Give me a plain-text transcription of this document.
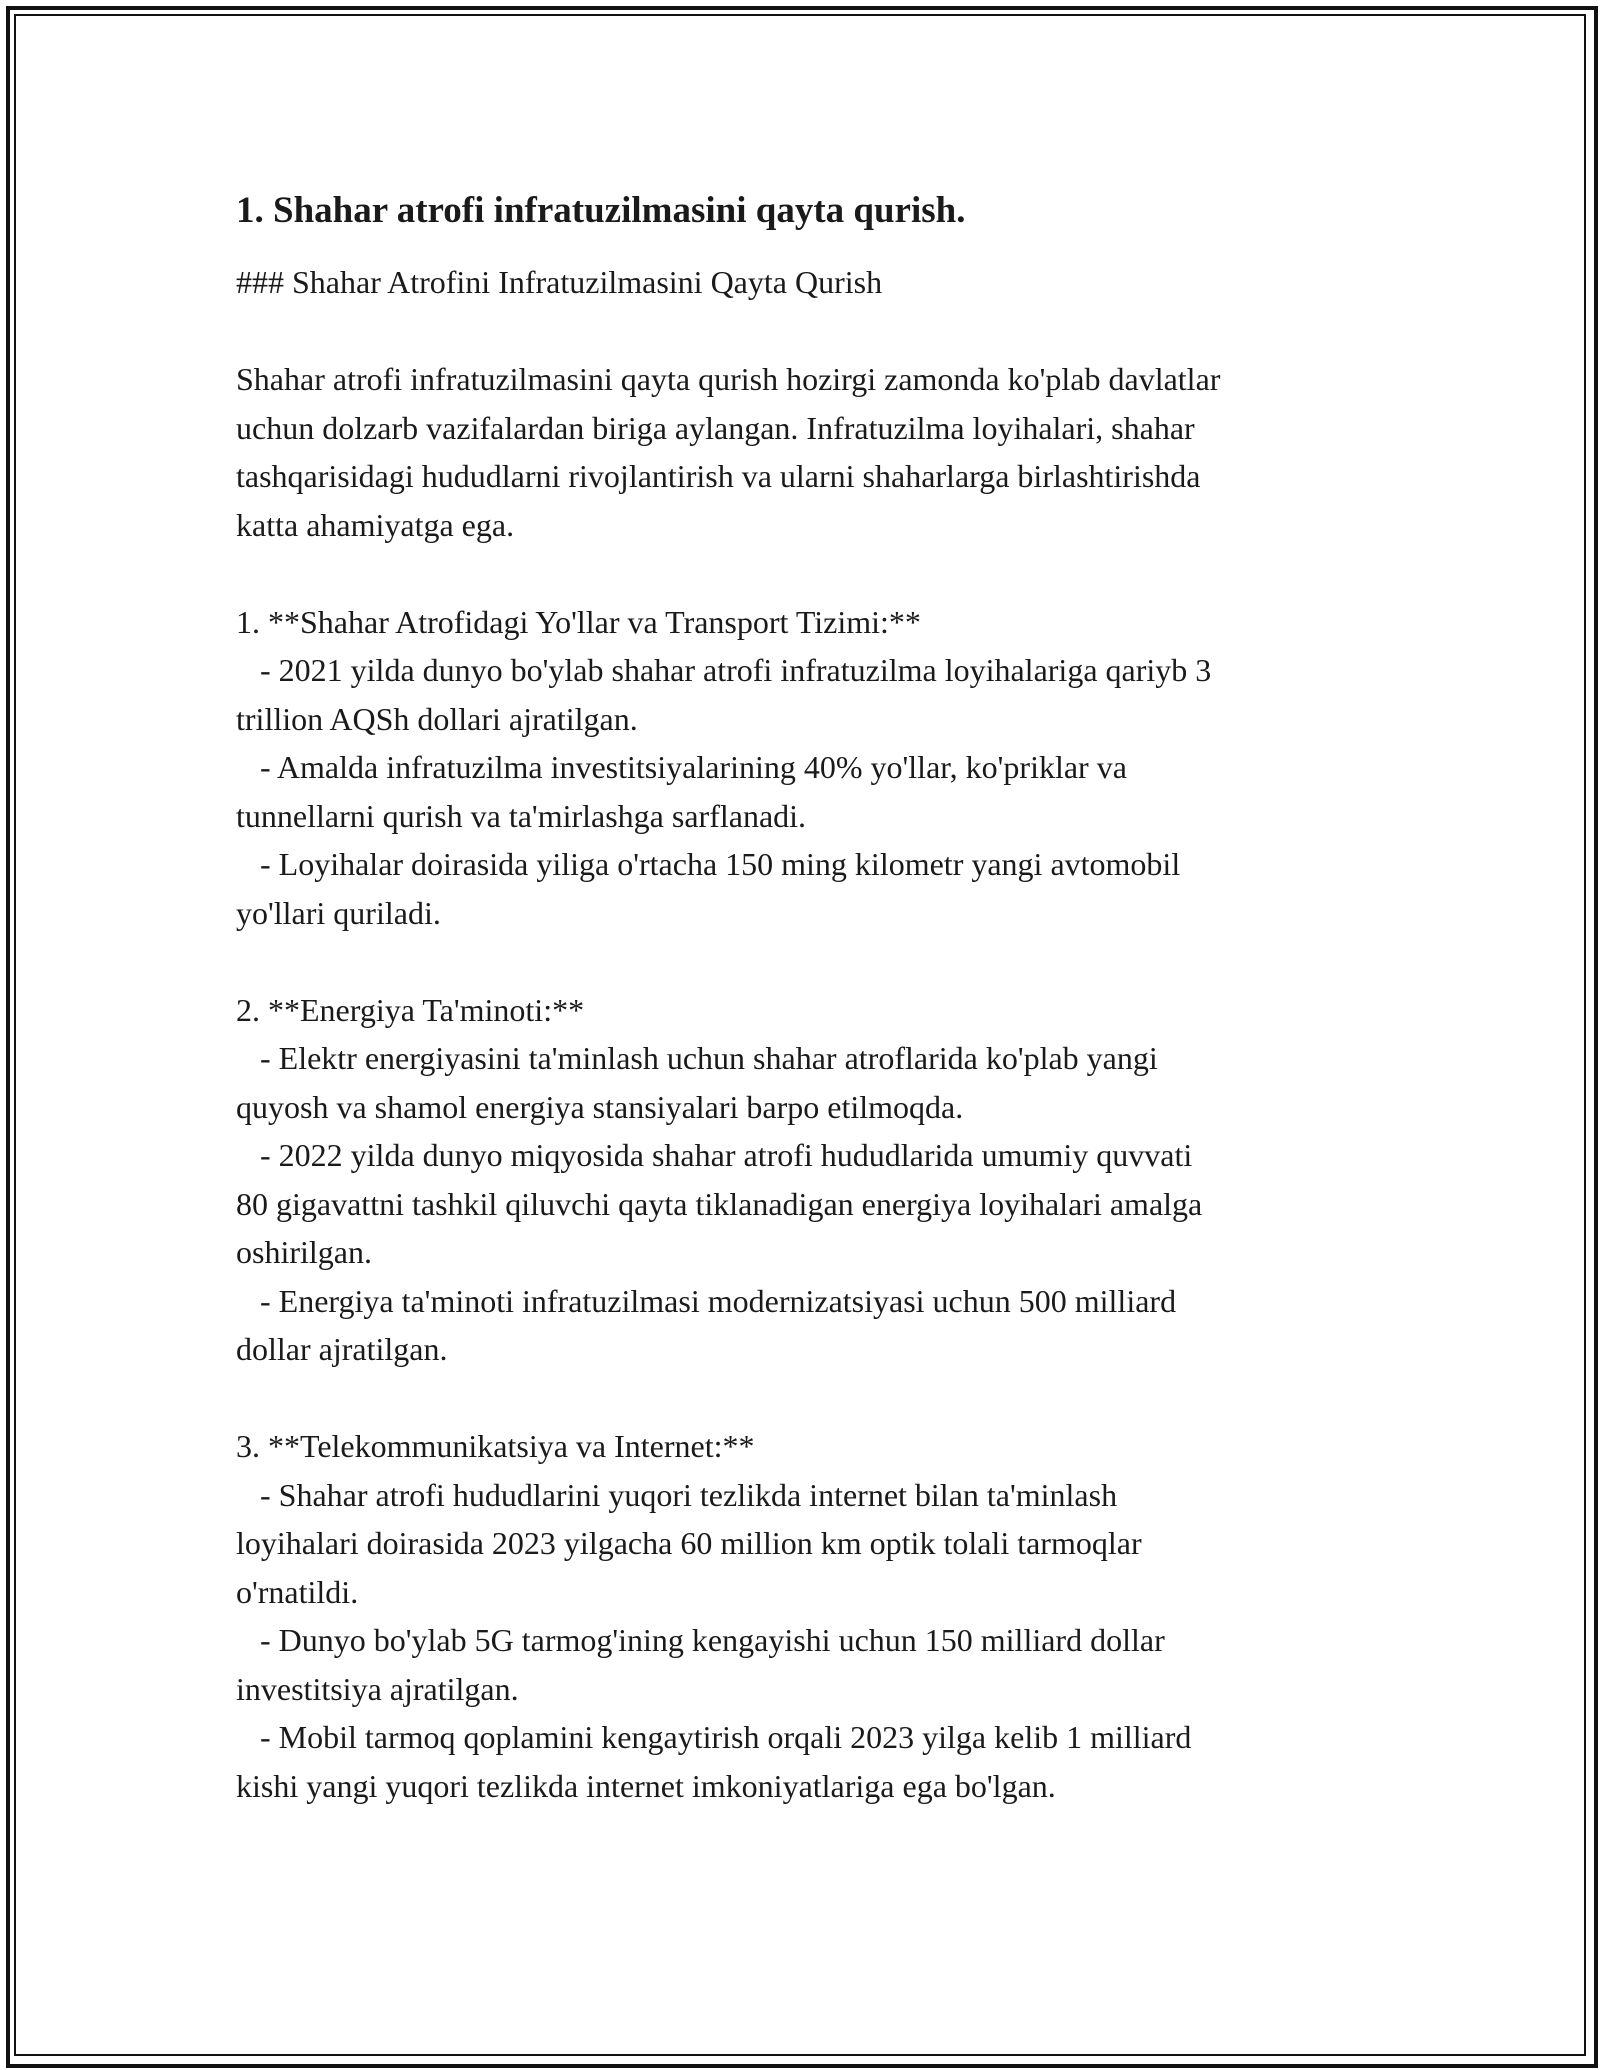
1. Shahar atrofi infratuzilmasini qayta qurish.

### Shahar Atrofini Infratuzilmasini Qayta Qurish

Shahar atrofi infratuzilmasini qayta qurish hozirgi zamonda ko'plab davlatlar

uchun dolzarb vazifalardan biriga aylangan. Infratuzilma loyihalari, shahar

tashqarisidagi hududlarni rivojlantirish va ularni shaharlarga birlashtirishda

katta ahamiyatga ega.

1. **Shahar Atrofidagi Yo'llar va Transport Tizimi:**

- 2021 yilda dunyo bo'ylab shahar atrofi infratuzilma loyihalariga qariyb 3

trillion AQSh dollari ajratilgan.

- Amalda infratuzilma investitsiyalarining 40% yo'llar, ko'priklar va

tunnellarni qurish va ta'mirlashga sarflanadi.

- Loyihalar doirasida yiliga o'rtacha 150 ming kilometr yangi avtomobil

yo'llari quriladi.

2. **Energiya Ta'minoti:**

- Elektr energiyasini ta'minlash uchun shahar atroflarida ko'plab yangi

quyosh va shamol energiya stansiyalari barpo etilmoqda.

- 2022 yilda dunyo miqyosida shahar atrofi hududlarida umumiy quvvati

80 gigavattni tashkil qiluvchi qayta tiklanadigan energiya loyihalari amalga

oshirilgan.

- Energiya ta'minoti infratuzilmasi modernizatsiyasi uchun 500 milliard

dollar ajratilgan.

3. **Telekommunikatsiya va Internet:**

- Shahar atrofi hududlarini yuqori tezlikda internet bilan ta'minlash

loyihalari doirasida 2023 yilgacha 60 million km optik tolali tarmoqlar

o'rnatildi.

- Dunyo bo'ylab 5G tarmog'ining kengayishi uchun 150 milliard dollar

investitsiya ajratilgan.

- Mobil tarmoq qoplamini kengaytirish orqali 2023 yilga kelib 1 milliard

kishi yangi yuqori tezlikda internet imkoniyatlariga ega bo'lgan.
